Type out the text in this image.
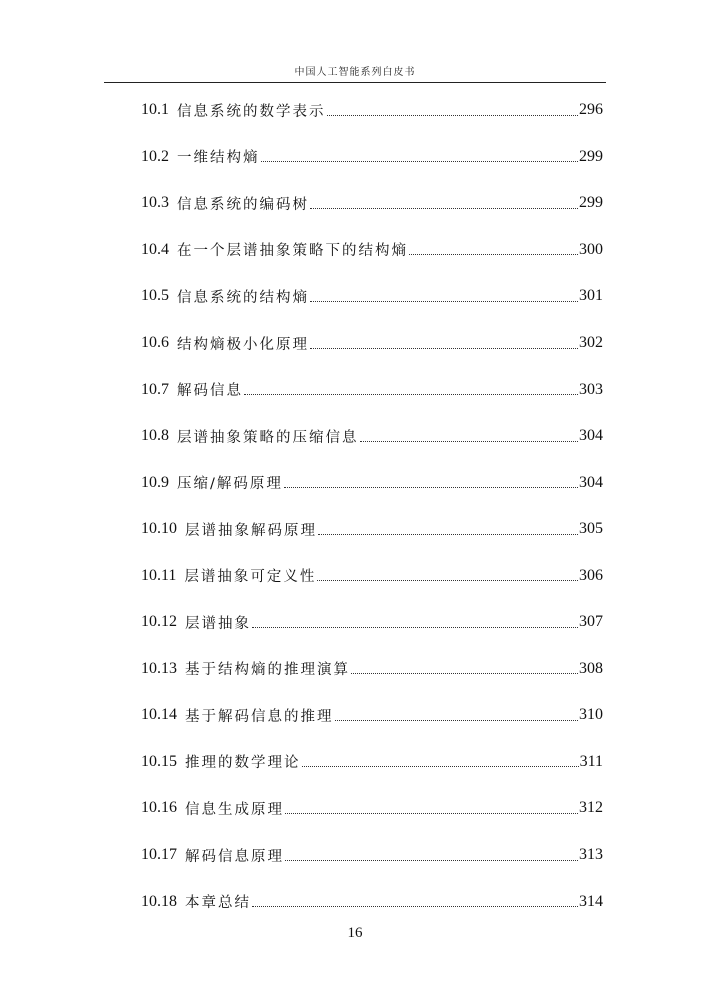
中国人工智能系列白皮书
10.1 信息系统的数学表示	296
10.2 一维结构熵	299
10.3 信息系统的编码树	299
10.4 在一个层谱抽象策略下的结构熵	300
10.5 信息系统的结构熵	301
10.6 结构熵极小化原理	302
10.7 解码信息	303
10.8 层谱抽象策略的压缩信息	304
10.9 压缩/解码原理	304
10.10 层谱抽象解码原理	305
10.11 层谱抽象可定义性	306
10.12 层谱抽象	307
10.13 基于结构熵的推理演算	308
10.14 基于解码信息的推理	310
10.15 推理的数学理论	311
10.16 信息生成原理	312
10.17 解码信息原理	313
10.18 本章总结	314
16
